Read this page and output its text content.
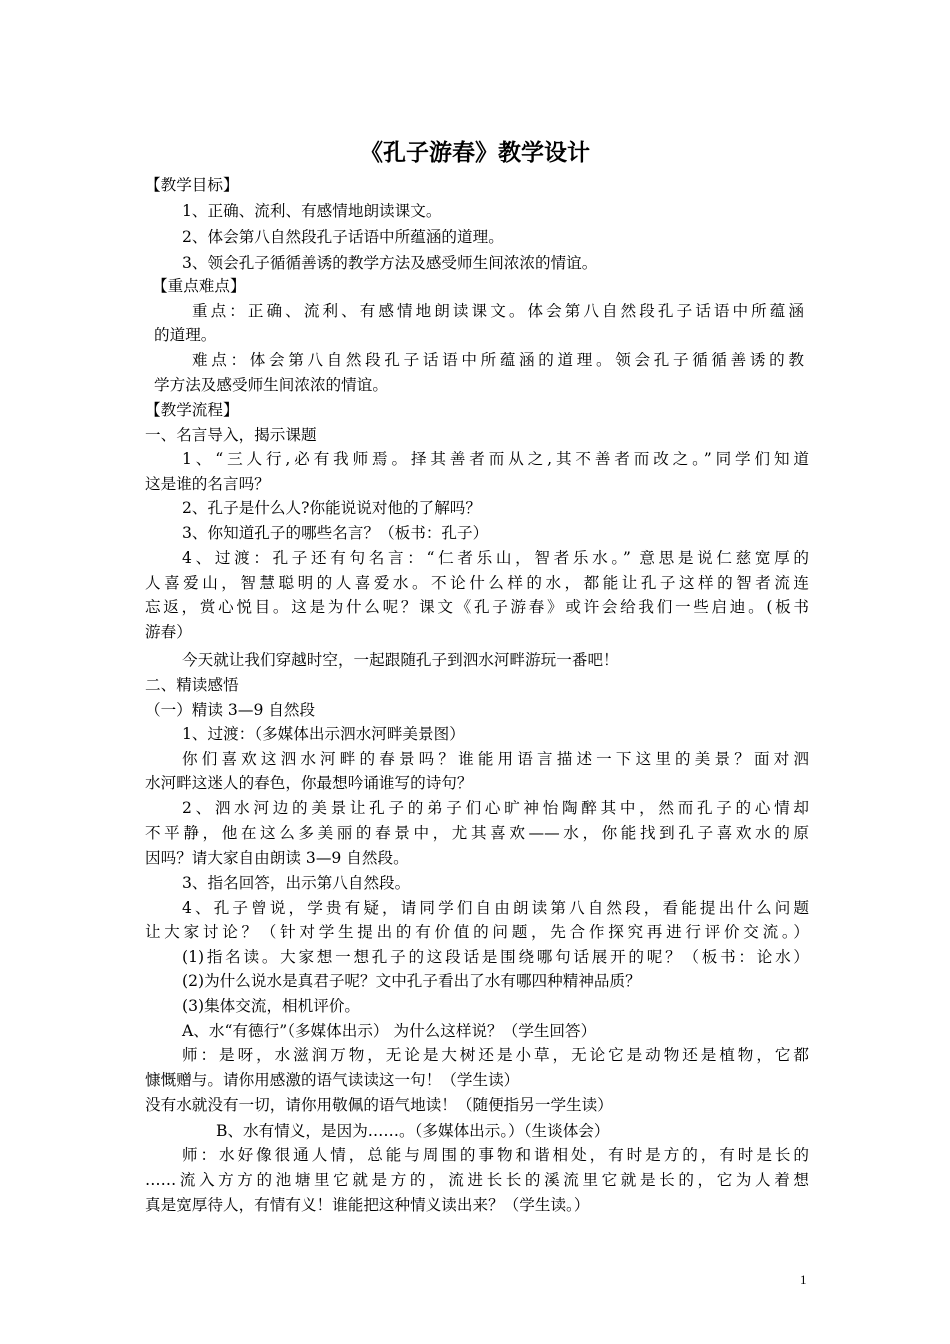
《孔子游春》教学设计
【教学目标】
1、正确、流利、有感情地朗读课文。
2、体会第八自然段孔子话语中所蕴涵的道理。
3、领会孔子循循善诱的教学方法及感受师生间浓浓的情谊。
【重点难点】
重点：正确、流利、有感情地朗读课文。体会第八自然段孔子话语中所蕴涵
的道理。
难点：体会第八自然段孔子话语中所蕴涵的道理。领会孔子循循善诱的教
学方法及感受师生间浓浓的情谊。
【教学流程】
一、名言导入，揭示课题
1、“三人行,必有我师焉。择其善者而从之,其不善者而改之。”同学们知道
这是谁的名言吗？
2、孔子是什么人?你能说说对他的了解吗？
3、你知道孔子的哪些名言？（板书：孔子）
4、过渡：孔子还有句名言：“仁者乐山，智者乐水。” 意思是说仁慈宽厚的
人喜爱山，智慧聪明的人喜爱水。不论什么样的水，都能让孔子这样的智者流连
忘返，赏心悦目。这是为什么呢？课文《孔子游春》或许会给我们一些启迪。(板书
游春）
今天就让我们穿越时空，一起跟随孔子到泗水河畔游玩一番吧！
二、精读感悟
（一）精读 3—9 自然段
1、过渡：（多媒体出示泗水河畔美景图）
你们喜欢这泗水河畔的春景吗？谁能用语言描述一下这里的美景？面对泗
水河畔这迷人的春色，你最想吟诵谁写的诗句？
2、泗水河边的美景让孔子的弟子们心旷神怡陶醉其中，然而孔子的心情却
不平静，他在这么多美丽的春景中，尤其喜欢——水，你能找到孔子喜欢水的原
因吗？请大家自由朗读 3—9 自然段。
3、指名回答，出示第八自然段。
4、孔子曾说，学贵有疑，请同学们自由朗读第八自然段，看能提出什么问题
让大家讨论？（针对学生提出的有价值的问题，先合作探究再进行评价交流。）
(1)指名读。大家想一想孔子的这段话是围绕哪句话展开的呢？（板书：论水）
(2)为什么说水是真君子呢？文中孔子看出了水有哪四种精神品质？
(3)集体交流，相机评价。
A、水“有德行”（多媒体出示） 为什么这样说？（学生回答）
师：是呀，水滋润万物，无论是大树还是小草，无论它是动物还是植物，它都
慷慨赠与。请你用感激的语气读读这一句！（学生读）
没有水就没有一切，请你用敬佩的语气地读！（随便指另一学生读）
B、水有情义，是因为……。（多媒体出示。）（生谈体会）
师：水好像很通人情，总能与周围的事物和谐相处，有时是方的，有时是长的
……流入方方的池塘里它就是方的，流进长长的溪流里它就是长的，它为人着想
真是宽厚待人，有情有义！谁能把这种情义读出来？（学生读。）
1
